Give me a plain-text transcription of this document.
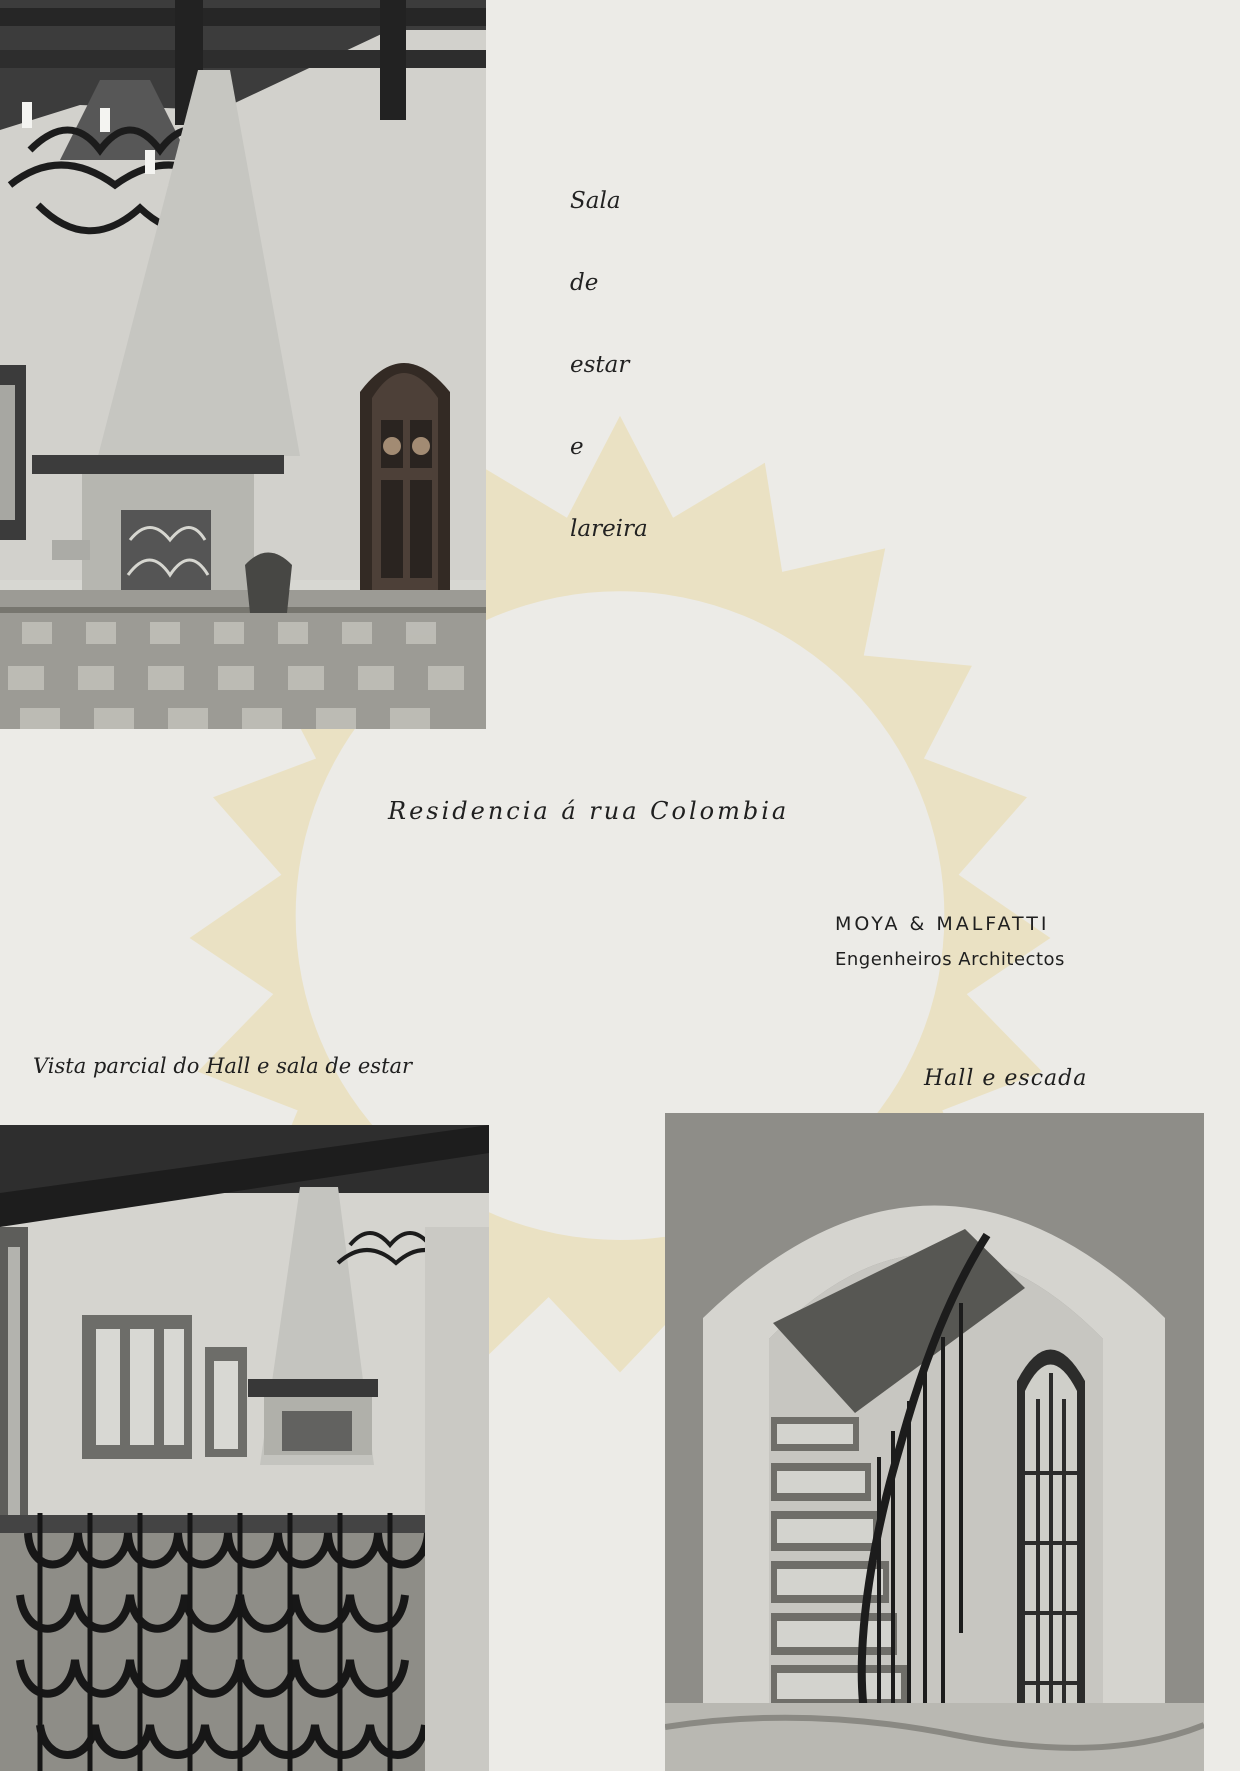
Sala
de
estar
e
lareira
Residencia á rua Colombia
MOYA & MALFATTI
Engenheiros Architectos
Vista parcial do Hall e sala de estar	Hall e escada
